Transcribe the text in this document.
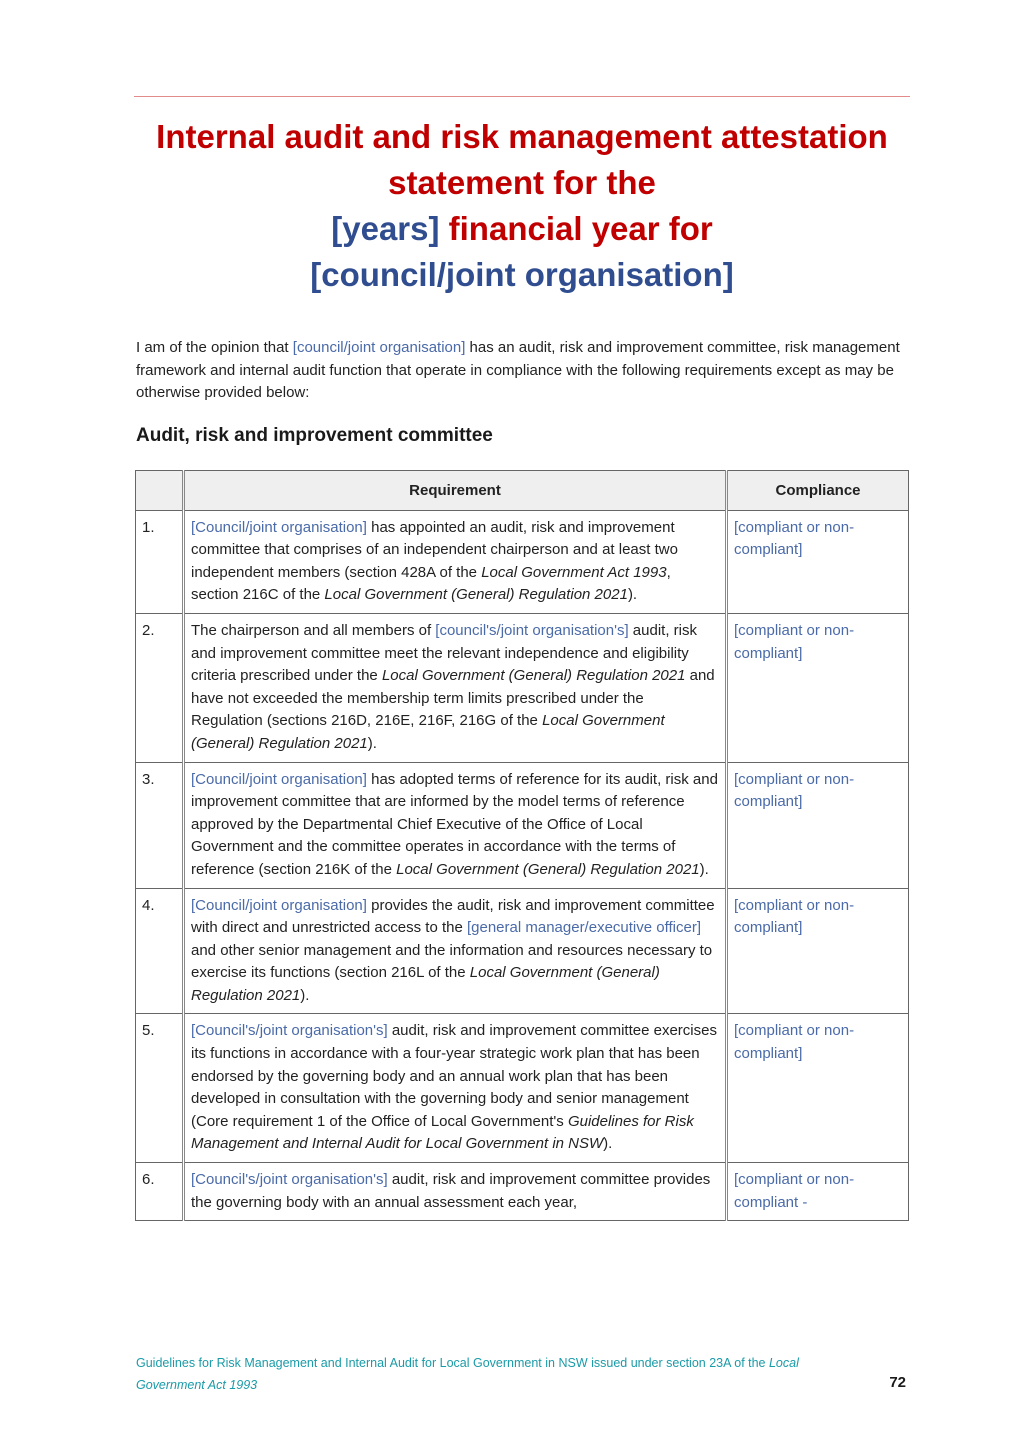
Internal audit and risk management attestation
statement for the
[years] financial year for
[council/joint organisation]
I am of the opinion that [council/joint organisation] has an audit, risk and improvement committee, risk management framework and internal audit function that operate in compliance with the following requirements except as may be otherwise provided below:
Audit, risk and improvement committee
	Requirement	Compliance
1.	[Council/joint organisation] has appointed an audit, risk and improvement committee that comprises of an independent chairperson and at least two independent members (section 428A of the Local Government Act 1993, section 216C of the Local Government (General) Regulation 2021).	[compliant or non-compliant]
2.	The chairperson and all members of [council's/joint organisation's] audit, risk and improvement committee meet the relevant independence and eligibility criteria prescribed under the Local Government (General) Regulation 2021 and have not exceeded the membership term limits prescribed under the Regulation (sections 216D, 216E, 216F, 216G of the Local Government (General) Regulation 2021).	[compliant or non-compliant]
3.	[Council/joint organisation] has adopted terms of reference for its audit, risk and improvement committee that are informed by the model terms of reference approved by the Departmental Chief Executive of the Office of Local Government and the committee operates in accordance with the terms of reference (section 216K of the Local Government (General) Regulation 2021).	[compliant or non-compliant]
4.	[Council/joint organisation] provides the audit, risk and improvement committee with direct and unrestricted access to the [general manager/executive officer] and other senior management and the information and resources necessary to exercise its functions (section 216L of the Local Government (General) Regulation 2021).	[compliant or non-compliant]
5.	[Council's/joint organisation's] audit, risk and improvement committee exercises its functions in accordance with a four-year strategic work plan that has been endorsed by the governing body and an annual work plan that has been developed in consultation with the governing body and senior management (Core requirement 1 of the Office of Local Government's Guidelines for Risk Management and Internal Audit for Local Government in NSW).	[compliant or non-compliant]
6.	[Council's/joint organisation's] audit, risk and improvement committee provides the governing body with an annual assessment each year,	[compliant or non-compliant -
Guidelines for Risk Management and Internal Audit for Local Government in NSW issued under section 23A of the Local Government Act 1993	72
